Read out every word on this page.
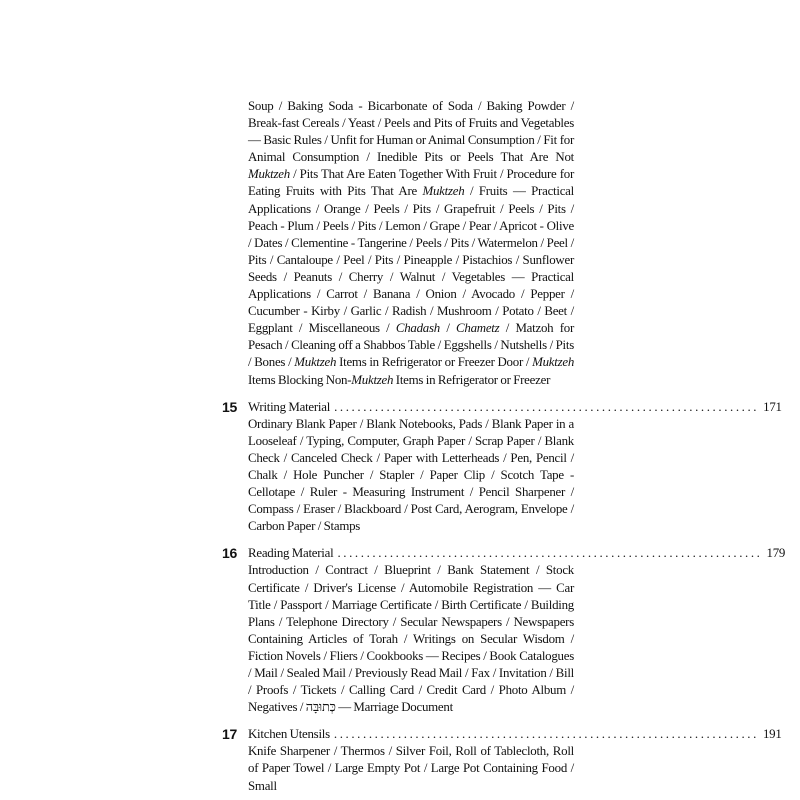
Soup / Baking Soda - Bicarbonate of Soda / Baking Powder / Break-fast Cereals / Yeast / Peels and Pits of Fruits and Vegetables — Basic Rules / Unfit for Human or Animal Consumption / Fit for Animal Consumption / Inedible Pits or Peels That Are Not Muktzeh / Pits That Are Eaten Together With Fruit / Procedure for Eating Fruits with Pits That Are Muktzeh / Fruits — Practical Applications / Orange / Peels / Pits / Grapefruit / Peels / Pits / Peach - Plum / Peels / Pits / Lemon / Grape / Pear / Apricot - Olive / Dates / Clementine - Tangerine / Peels / Pits / Watermelon / Peel / Pits / Cantaloupe / Peel / Pits / Pineapple / Pistachios / Sunflower Seeds / Peanuts / Cherry / Walnut / Vegetables — Practical Applications / Carrot / Banana / Onion / Avocado / Pepper / Cucumber - Kirby / Garlic / Radish / Mushroom / Potato / Beet / Eggplant / Miscellaneous / Chadash / Chametz / Matzoh for Pesach / Cleaning off a Shabbos Table / Eggshells / Nutshells / Pits / Bones / Muktzeh Items in Refrigerator or Freezer Door / Muktzeh Items Blocking Non-Muktzeh Items in Refrigerator or Freezer

15 Writing Material ......................................................................... 171

Ordinary Blank Paper / Blank Notebooks, Pads / Blank Paper in a Looseleaf / Typing, Computer, Graph Paper / Scrap Paper / Blank Check / Canceled Check / Paper with Letterheads / Pen, Pencil / Chalk / Hole Puncher / Stapler / Paper Clip / Scotch Tape - Cellotape / Ruler - Measuring Instrument / Pencil Sharpener / Compass / Eraser / Blackboard / Post Card, Aerogram, Envelope / Carbon Paper / Stamps

16 Reading Material ......................................................................... 179

Introduction / Contract / Blueprint / Bank Statement / Stock Certificate / Driver's License / Automobile Registration — Car Title / Passport / Marriage Certificate / Birth Certificate / Building Plans / Telephone Directory / Secular Newspapers / Newspapers Containing Articles of Torah / Writings on Secular Wisdom / Fiction Novels / Fliers / Cookbooks — Recipes / Book Catalogues / Mail / Sealed Mail / Previously Read Mail / Fax / Invitation / Bill / Proofs / Tickets / Calling Card / Credit Card / Photo Album / Negatives / כְּתוּבָּה — Marriage Document

17 Kitchen Utensils ......................................................................... 191

Knife Sharpener / Thermos / Silver Foil, Roll of Tablecloth, Roll of Paper Towel / Large Empty Pot / Large Pot Containing Food / Small
